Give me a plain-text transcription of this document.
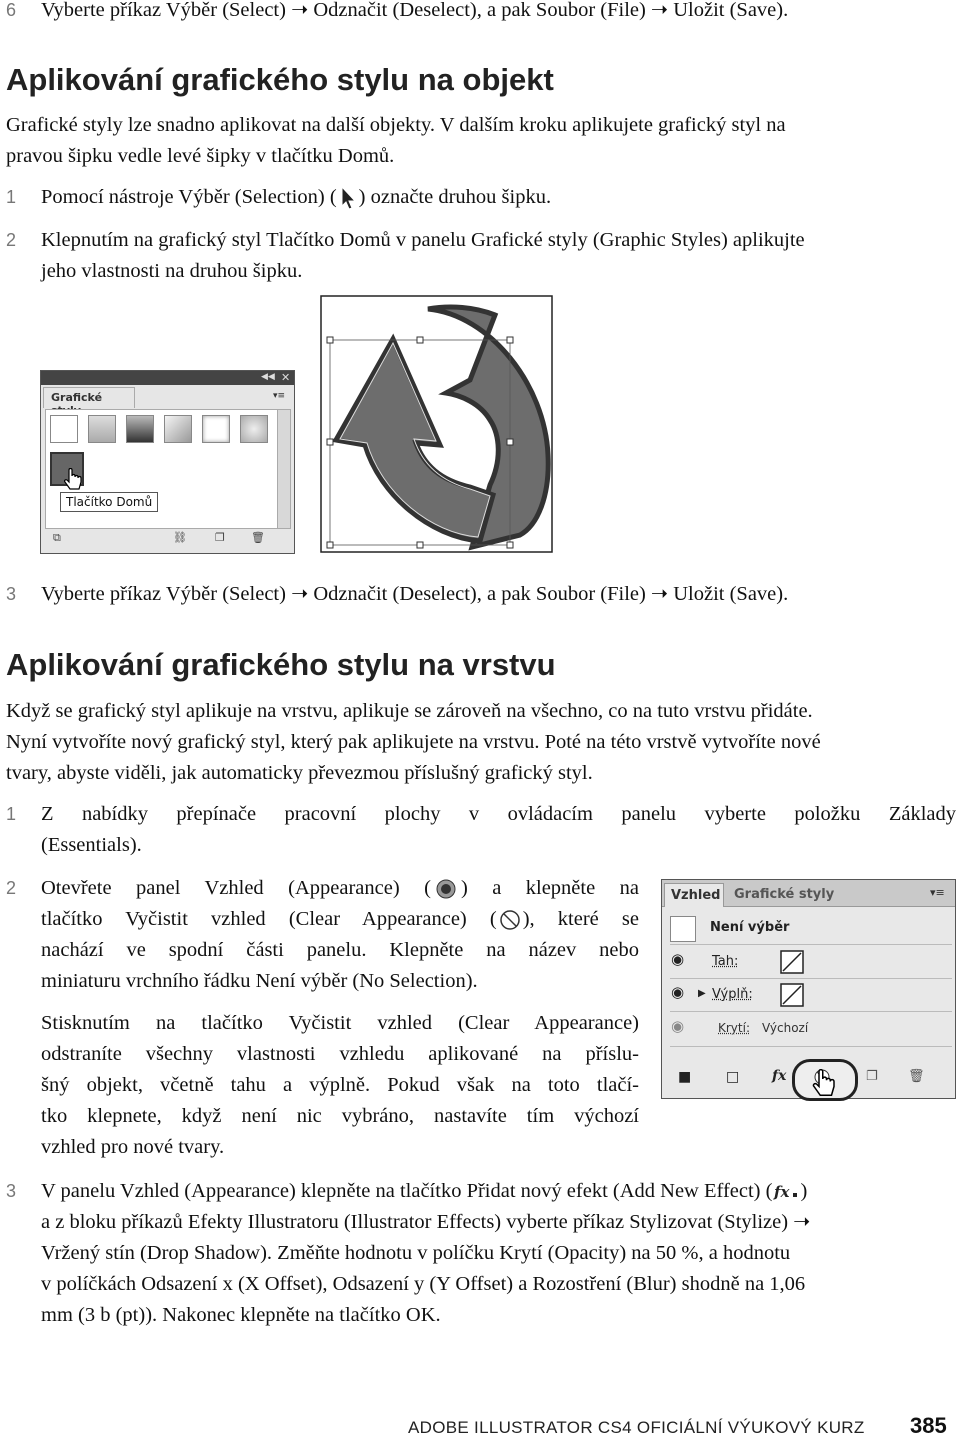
6 Vyberte příkaz Výběr (Select) ➝ Odznačit (Deselect), a pak Soubor (File) ➝ Uložit (Save).

Aplikování grafického stylu na objekt

Grafické styly lze snadno aplikovat na další objekty. V dalším kroku aplikujete grafický styl na

pravou šipku vedle levé šipky v tlačítku Domů.

1 Pomocí nástroje Výběr (Selection) ( ) označte druhou šipku.

2 Klepnutím na grafický styl Tlačítko Domů v panelu Grafické styly (Graphic Styles) aplikujte

jeho vlastnosti na druhou šipku.

◀◀ ✕
Grafické	▾≡
Tlačítko Domů
⧉	⛓	❐ 🗑
3 Vyberte příkaz Výběr (Select) ➝ Odznačit (Deselect), a pak Soubor (File) ➝ Uložit (Save).

Aplikování grafického stylu na vrstvu

Když se grafický styl aplikuje na vrstvu, aplikuje se zároveň na všechno, co na tuto vrstvu přidáte.

Nyní vytvoříte nový grafický styl, který pak aplikujete na vrstvu. Poté na této vrstvě vytvoříte nové

tvary, abyste viděli, jak automaticky převezmou příslušný grafický styl.

1 Z nabídky přepínače pracovní plochy v ovládacím panelu vyberte položku Základy

(Essentials).

2 Otevřete panel Vzhled (Appearance) ( ) a klepněte na

tlačítko Vyčistit vzhled (Clear Appearance) ( ), které se

nachází ve spodní části panelu. Klepněte na název nebo

miniaturu vrchního řádku Není výběr (No Selection).

Stisknutím na tlačítko Vyčistit vzhled (Clear Appearance)

odstraníte všechny vlastnosti vzhledu aplikované na příslu-

šný objekt, včetně tahu a výplně. Pokud však na toto tlačí-

tko klepnete, když není nic vybráno, nastavíte tím výchozí

vzhled pro nové tvary.

Vzhled Grafické styly	▾≡
Není výběr
◉ Tah:
◉ ▶ Výplň:
◉	Krytí: Výchozí
■ □ fx	❐ 🗑
3 V panelu Vzhled (Appearance) klepněte na tlačítko Přidat nový efekt (Add New Effect) ( fx )

a z bloku příkazů Efekty Illustratoru (Illustrator Effects) vyberte příkaz Stylizovat (Stylize) ➝

Vržený stín (Drop Shadow). Změňte hodnotu v políčku Krytí (Opacity) na 50 %, a hodnotu

v políčkách Odsazení x (X Offset), Odsazení y (Y Offset) a Rozostření (Blur) shodně na 1,06

mm (3 b (pt)). Nakonec klepněte na tlačítko OK.

ADOBE ILLUSTRATOR CS4 OFICIÁLNÍ VÝUKOVÝ KURZ 385
